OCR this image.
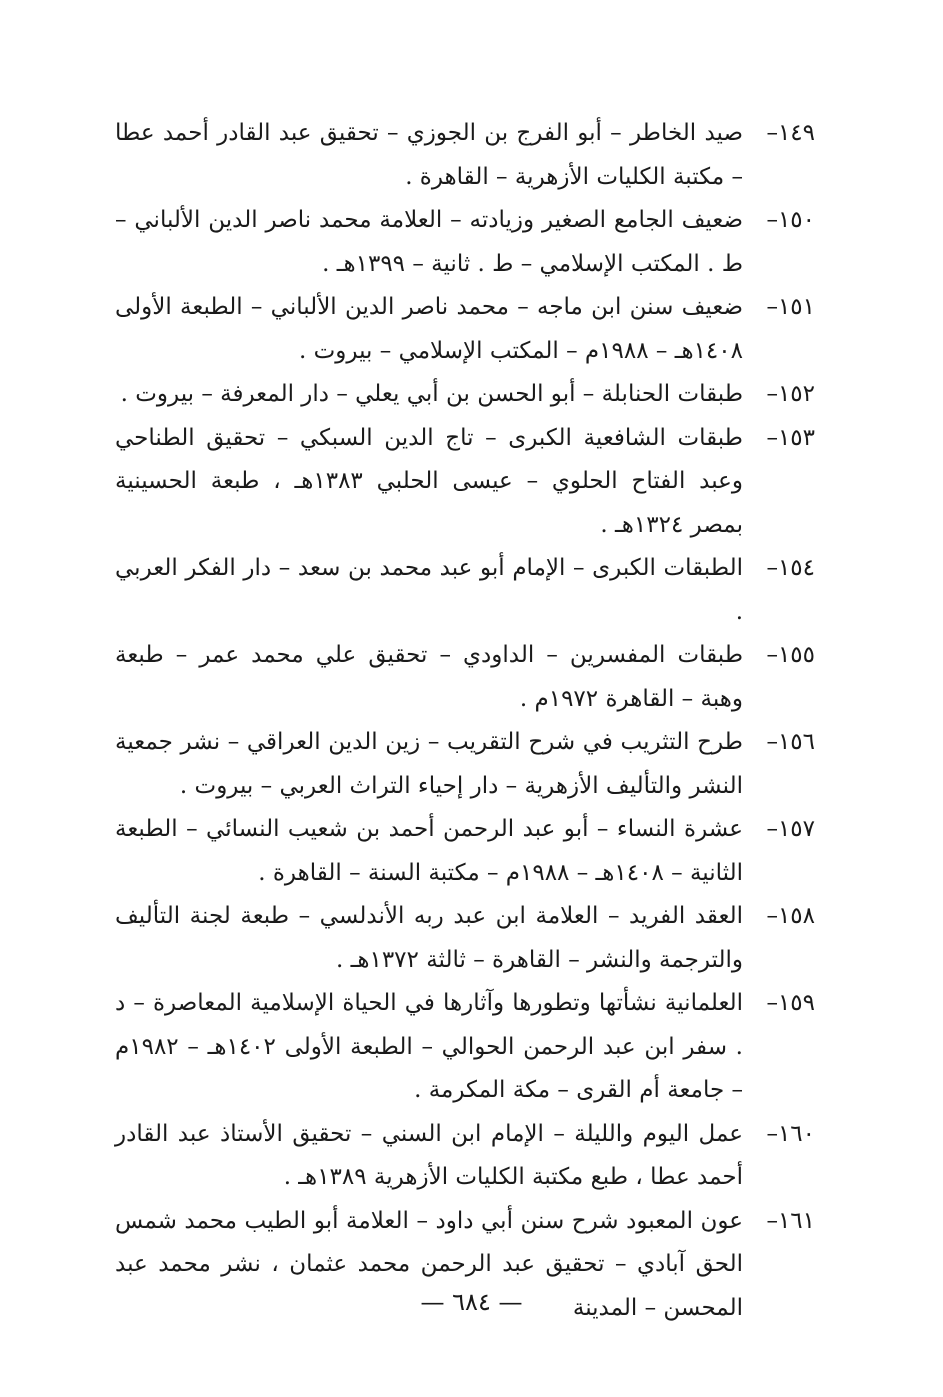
١٤٩–
صيد الخاطر – أبو الفرج بن الجوزي – تحقيق عبد القادر أحمد عطا – مكتبة الكليات الأزهرية – القاهرة .
١٥٠–
ضعيف الجامع الصغير وزيادته – العلامة محمد ناصر الدين الألباني – ط . المكتب الإسلامي – ط . ثانية – ١٣٩٩هـ .
١٥١–
ضعيف سنن ابن ماجه – محمد ناصر الدين الألباني – الطبعة الأولى ١٤٠٨هـ – ١٩٨٨م – المكتب الإسلامي – بيروت .
١٥٢–
طبقات الحنابلة – أبو الحسن بن أبي يعلي – دار المعرفة – بيروت .
١٥٣–
طبقات الشافعية الكبرى – تاج الدين السبكي – تحقيق الطناحي وعبد الفتاح الحلوي – عيسى الحلبي ١٣٨٣هـ ، طبعة الحسينية بمصر ١٣٢٤هـ .
١٥٤–
الطبقات الكبرى – الإمام أبو عبد محمد بن سعد – دار الفكر العربي .
١٥٥–
طبقات المفسرين – الداودي – تحقيق علي محمد عمر – طبعة وهبة – القاهرة ١٩٧٢م .
١٥٦–
طرح التثريب في شرح التقريب – زين الدين العراقي – نشر جمعية النشر والتأليف الأزهرية – دار إحياء التراث العربي – بيروت .
١٥٧–
عشرة النساء – أبو عبد الرحمن أحمد بن شعيب النسائي – الطبعة الثانية – ١٤٠٨هـ – ١٩٨٨م – مكتبة السنة – القاهرة .
١٥٨–
العقد الفريد – العلامة ابن عبد ربه الأندلسي – طبعة لجنة التأليف والترجمة والنشر – القاهرة – ثالثة ١٣٧٢هـ .
١٥٩–
العلمانية نشأتها وتطورها وآثارها في الحياة الإسلامية المعاصرة – د . سفر ابن عبد الرحمن الحوالي – الطبعة الأولى ١٤٠٢هـ – ١٩٨٢م – جامعة أم القرى – مكة المكرمة .
١٦٠–
عمل اليوم والليلة – الإمام ابن السني – تحقيق الأستاذ عبد القادر أحمد عطا ، طبع مكتبة الكليات الأزهرية ١٣٨٩هـ .
١٦١–
عون المعبود شرح سنن أبي داود – العلامة أبو الطيب محمد شمس الحق آبادي – تحقيق عبد الرحمن محمد عثمان ، نشر محمد عبد المحسن – المدينة
— ٦٨٤ —
